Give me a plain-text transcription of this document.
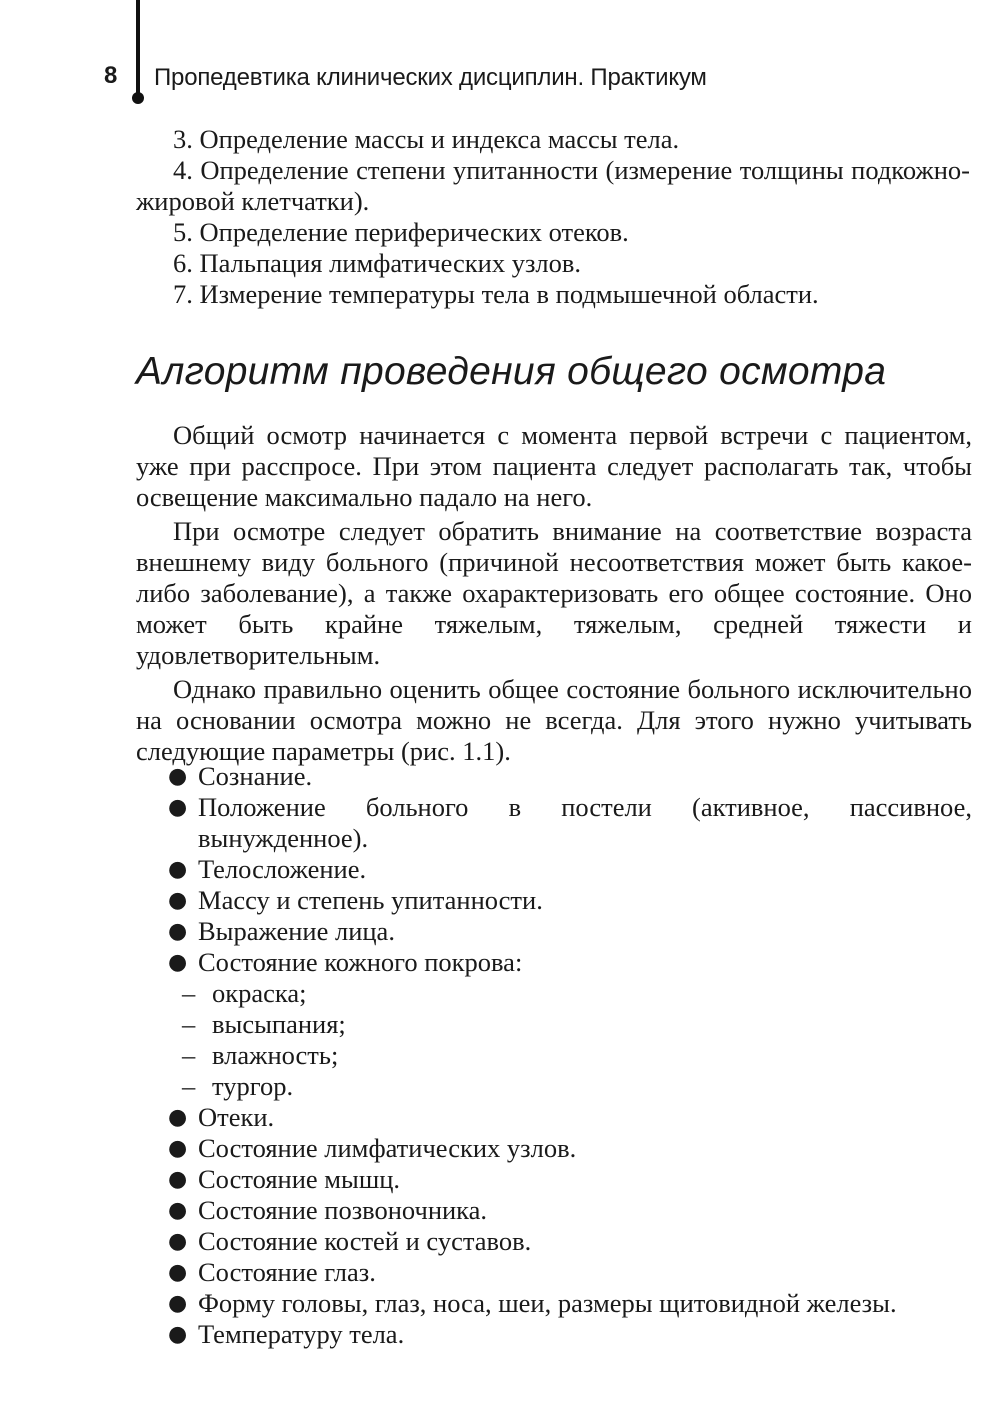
8 Пропедевтика клинических дисциплин. Практикум

3. Определение массы и индекса массы тела.

4. Определение степени упитанности (измерение толщины подкожно-жировой клетчатки).

5. Определение периферических отеков.

6. Пальпация лимфатических узлов.

7. Измерение температуры тела в подмышечной области.

Алгоритм проведения общего осмотра

Общий осмотр начинается с момента первой встречи с пациентом, уже при расспросе. При этом пациента следует располагать так, чтобы освещение максимально падало на него.

При осмотре следует обратить внимание на соответствие возраста внешнему виду больного (причиной несоответствия может быть какое-либо заболевание), а также охарактеризовать его общее состояние. Оно может быть крайне тяжелым, тяжелым, средней тяжести и удовлетворительным.

Однако правильно оценить общее состояние больного исключительно на основании осмотра можно не всегда. Для этого нужно учитывать следующие параметры (рис. 1.1).

● Сознание.

● Положение больного в постели (активное, пассивное, вынужденное).

● Телосложение.

● Массу и степень упитанности.

● Выражение лица.

● Состояние кожного покрова:

– окраска;

– высыпания;

– влажность;

– тургор.

● Отеки.

● Состояние лимфатических узлов.

● Состояние мышц.

● Состояние позвоночника.

● Состояние костей и суставов.

● Состояние глаз.

● Форму головы, глаз, носа, шеи, размеры щитовидной железы.

● Температуру тела.
